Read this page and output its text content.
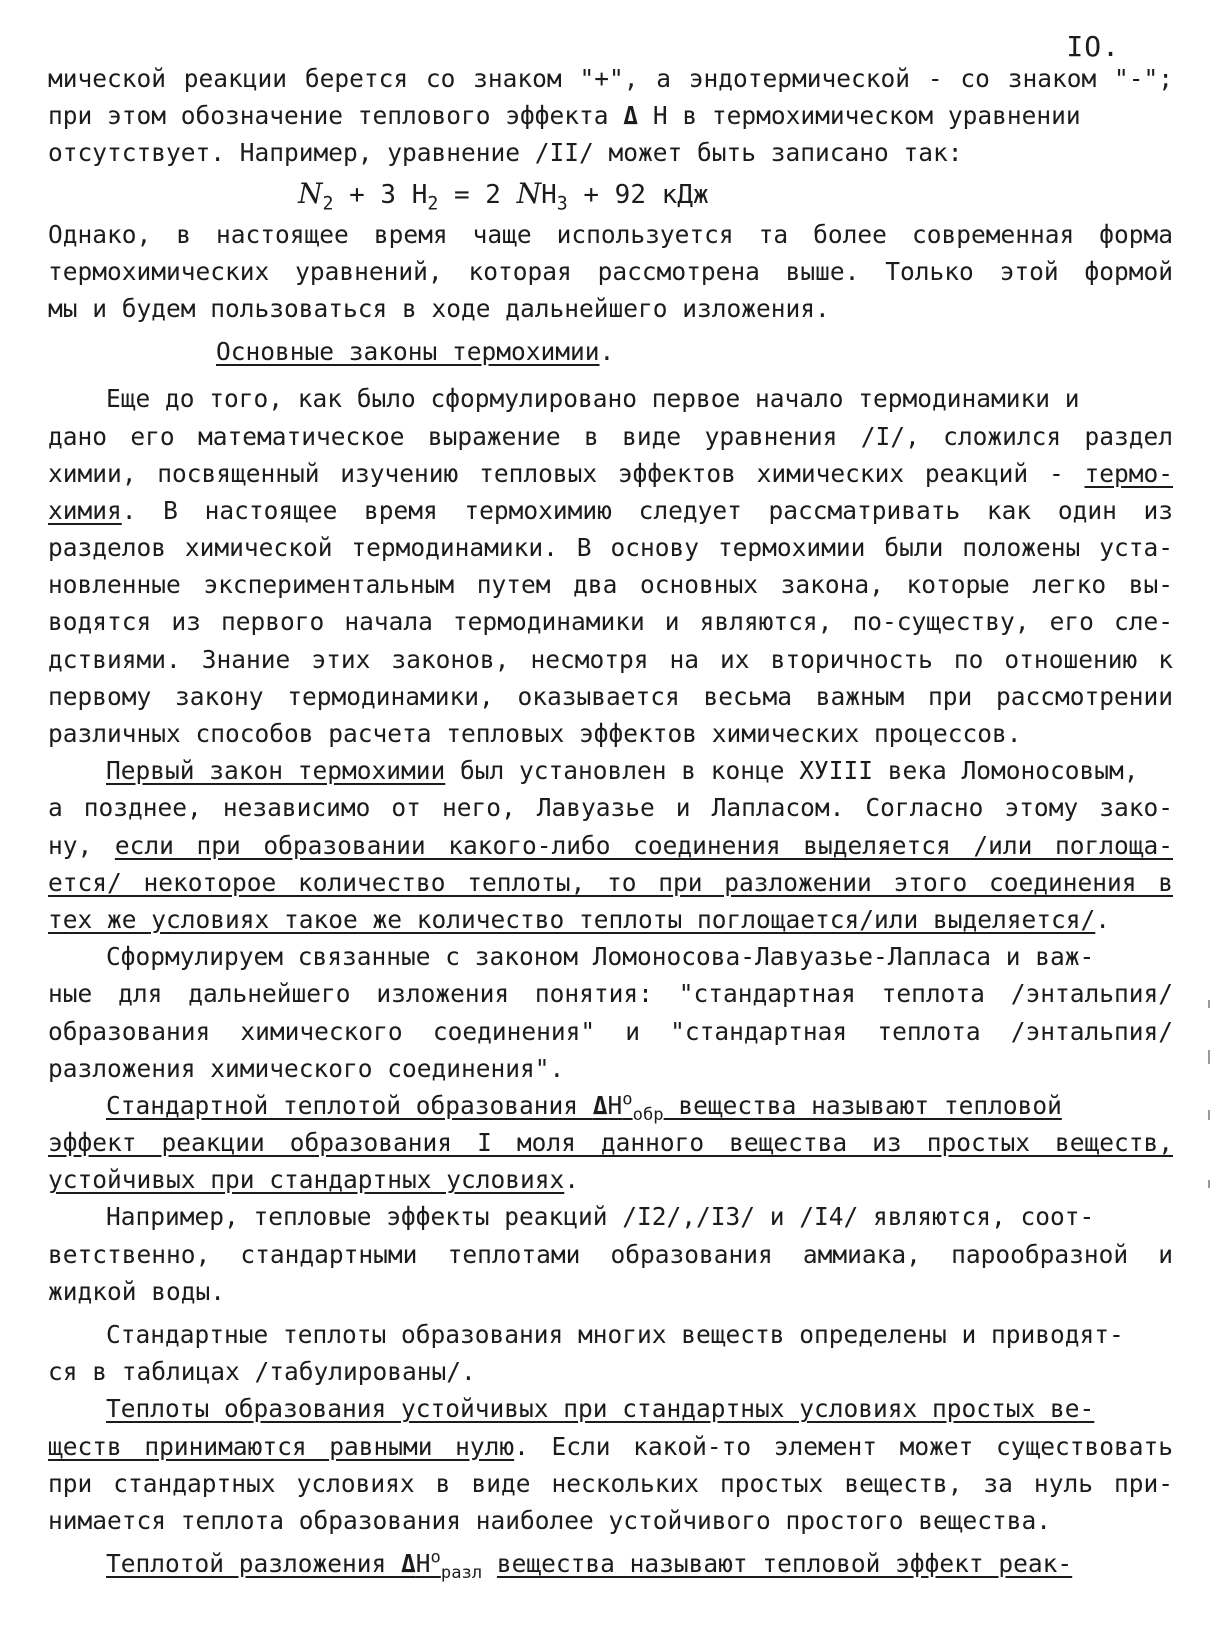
IO.
мической реакции берется со знаком "+", а эндотермической - со знаком "-";
при этом обозначение теплового эффекта Δ Н в термохимическом уравнении
отсутствует. Например, уравнение /II/ может быть записано так:
$N_2 + 3$ $H_2 = 2$ $NH_3 + 92$ кДж
Однако, в настоящее время чаще используется та более современная форма
термохимических уравнений, которая рассмотрена выше. Только этой формой
мы и будем пользоваться в ходе дальнейшего изложения.
Основные законы термохимии.
Еще до того, как было сформулировано первое начало термодинамики и
дано его математическое выражение в виде уравнения /I/, сложился раздел
химии, посвященный изучению тепловых эффектов химических реакций - термо-
химия. В настоящее время термохимию следует рассматривать как один из
разделов химической термодинамики. В основу термохимии были положены уста-
новленные экспериментальным путем два основных закона, которые легко вы-
водятся из первого начала термодинамики и являются, по-существу, его сле-
дствиями. Знание этих законов, несмотря на их вторичность по отношению к
первому закону термодинамики, оказывается весьма важным при рассмотрении
различных способов расчета тепловых эффектов химических процессов.
Первый закон термохимии был установлен в конце ХУIII века Ломоносовым,
а позднее, независимо от него, Лавуазье и Лапласом. Согласно этому зако-
ну, если при образовании какого-либо соединения выделяется /или поглоща-
ется/ некоторое количество теплоты, то при разложении этого соединения в
тех же условиях такое же количество теплоты поглощается/или выделяется/.
Сформулируем связанные с законом Ломоносова-Лавуазье-Лапласа и важ-
ные для дальнейшего изложения понятия: "стандартная теплота /энтальпия/
образования химического соединения" и "стандартная теплота /энтальпия/
разложения химического соединения".
Стандартной теплотой образования $\Delta H^o_{обр}$ веществa называют тепловой
эффект реакции образования I моля данного вещества из простых веществ,
устойчивых при стандартных условиях.
Например, тепловые эффекты реакций /I2/,/I3/ и /I4/ являются, соот-
ветственно, стандартными теплотами образования аммиака, парообразной и
жидкой воды.
Стандартные теплоты образования многих веществ определены и приводят-
ся в таблицах /табулированы/.
Теплоты образования устойчивых при стандартных условиях простых ве-
ществ принимаются равными нулю. Если какой-то элемент может существовать
при стандартных условиях в виде нескольких простых веществ, за нуль при-
нимается теплота образования наиболее устойчивого простого вещества.
Теплотой разложения $\Delta H^o_{разл}$ вещества называют тепловой эффект реак-
